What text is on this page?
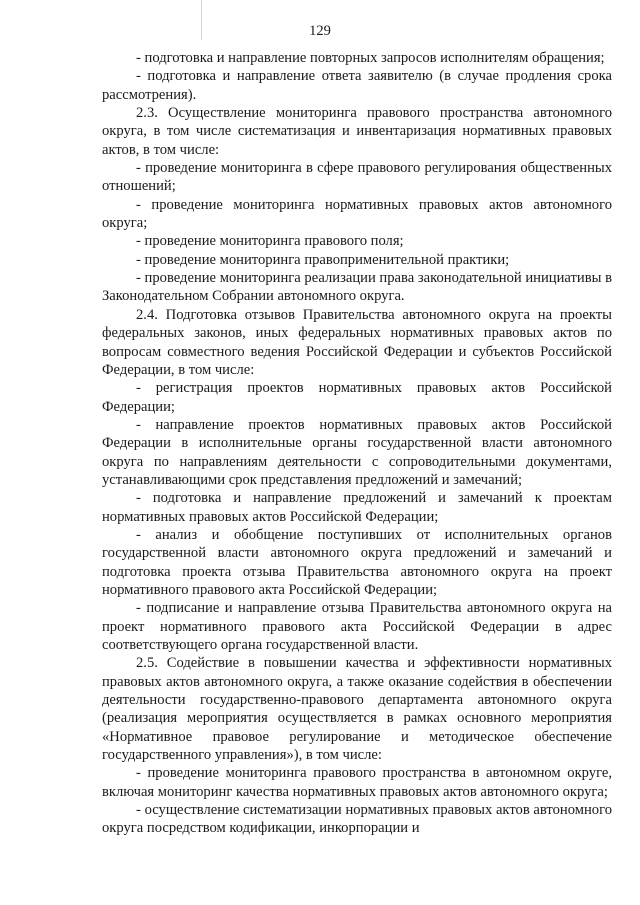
129

- подготовка и направление повторных запросов исполнителям обращения;

- подготовка и направление ответа заявителю (в случае продления срока рассмотрения).

2.3. Осуществление мониторинга правового пространства автономного округа, в том числе систематизация и инвентаризация нормативных правовых актов, в том числе:

- проведение мониторинга в сфере правового регулирования общественных отношений;

- проведение мониторинга нормативных правовых актов автономного округа;

- проведение мониторинга правового поля;

- проведение мониторинга правоприменительной практики;

- проведение мониторинга реализации права законодательной инициативы в Законодательном Собрании автономного округа.

2.4. Подготовка отзывов Правительства автономного округа на проекты федеральных законов, иных федеральных нормативных правовых актов по вопросам совместного ведения Российской Федерации и субъектов Российской Федерации, в том числе:

- регистрация проектов нормативных правовых актов Российской Федерации;

- направление проектов нормативных правовых актов Российской Федерации в исполнительные органы государственной власти автономного округа по направлениям деятельности с сопроводительными документами, устанавливающими срок представления предложений и замечаний;

- подготовка и направление предложений и замечаний к проектам нормативных правовых актов Российской Федерации;

- анализ и обобщение поступивших от исполнительных органов государственной власти автономного округа предложений и замечаний и подготовка проекта отзыва Правительства автономного округа на проект нормативного правового акта Российской Федерации;

- подписание и направление отзыва Правительства автономного округа на проект нормативного правового акта Российской Федерации в адрес соответствующего органа государственной власти.

2.5. Содействие в повышении качества и эффективности нормативных правовых актов автономного округа, а также оказание содействия в обеспечении деятельности государственно-правового департамента автономного округа (реализация мероприятия осуществляется в рамках основного мероприятия «Нормативное правовое регулирование и методическое обеспечение государственного управления»), в том числе:

- проведение мониторинга правового пространства в автономном округе, включая мониторинг качества нормативных правовых актов автономного округа;

- осуществление систематизации нормативных правовых актов автономного округа посредством кодификации, инкорпорации и
